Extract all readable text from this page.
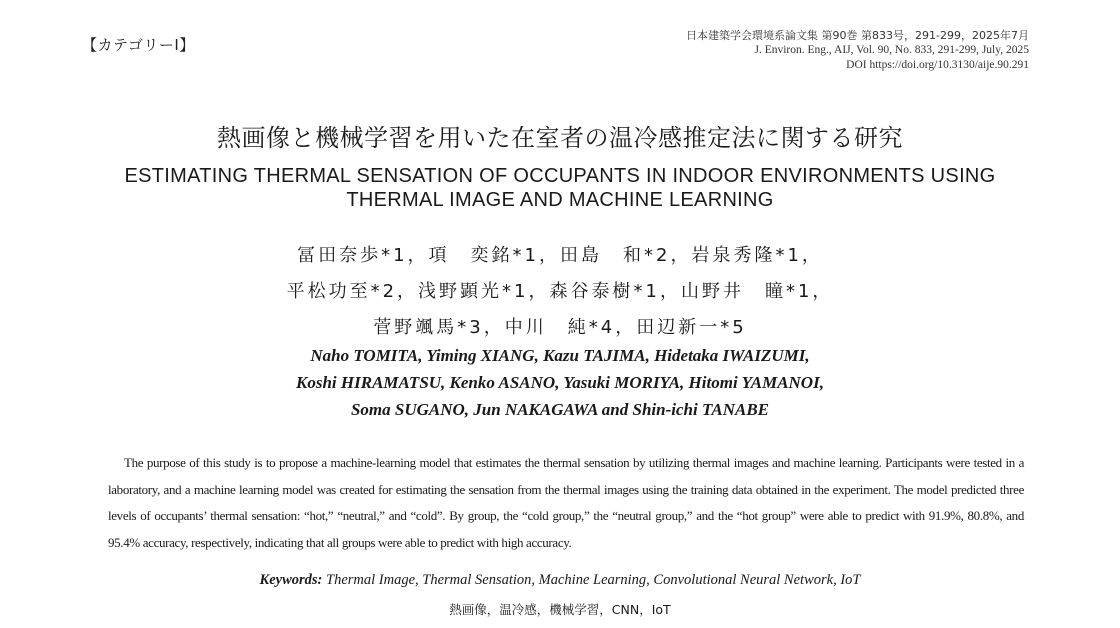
【カテゴリーⅠ】
日本建築学会環境系論文集 第90巻 第833号，291-299，2025年7月
J. Environ. Eng., AIJ, Vol. 90, No. 833, 291-299, July, 2025
DOI https://doi.org/10.3130/aije.90.291
熱画像と機械学習を用いた在室者の温冷感推定法に関する研究
ESTIMATING THERMAL SENSATION OF OCCUPANTS IN INDOOR ENVIRONMENTS USING
THERMAL IMAGE AND MACHINE LEARNING
冨田奈歩*1，項　奕銘*1，田島　和*2，岩泉秀隆*1，
平松功至*2，浅野顕光*1，森谷泰樹*1，山野井　瞳*1，
菅野颯馬*3，中川　純*4，田辺新一*5
Naho TOMITA, Yiming XIANG, Kazu TAJIMA, Hidetaka IWAIZUMI,
Koshi HIRAMATSU, Kenko ASANO, Yasuki MORIYA, Hitomi YAMANOI,
Soma SUGANO, Jun NAKAGAWA and Shin-ichi TANABE
The purpose of this study is to propose a machine-learning model that estimates the thermal sensation by utilizing thermal images and machine learning. Participants were tested in a laboratory, and a machine learning model was created for estimating the sensation from the thermal images using the training data obtained in the experiment. The model predicted three levels of occupants’ thermal sensation: “hot,” “neutral,” and “cold”. By group, the “cold group,” the “neutral group,” and the “hot group” were able to predict with 91.9%, 80.8%, and 95.4% accuracy, respectively, indicating that all groups were able to predict with high accuracy.
Keywords: Thermal Image, Thermal Sensation, Machine Learning, Convolutional Neural Network, IoT
熱画像，温冷感，機械学習，CNN，IoT
